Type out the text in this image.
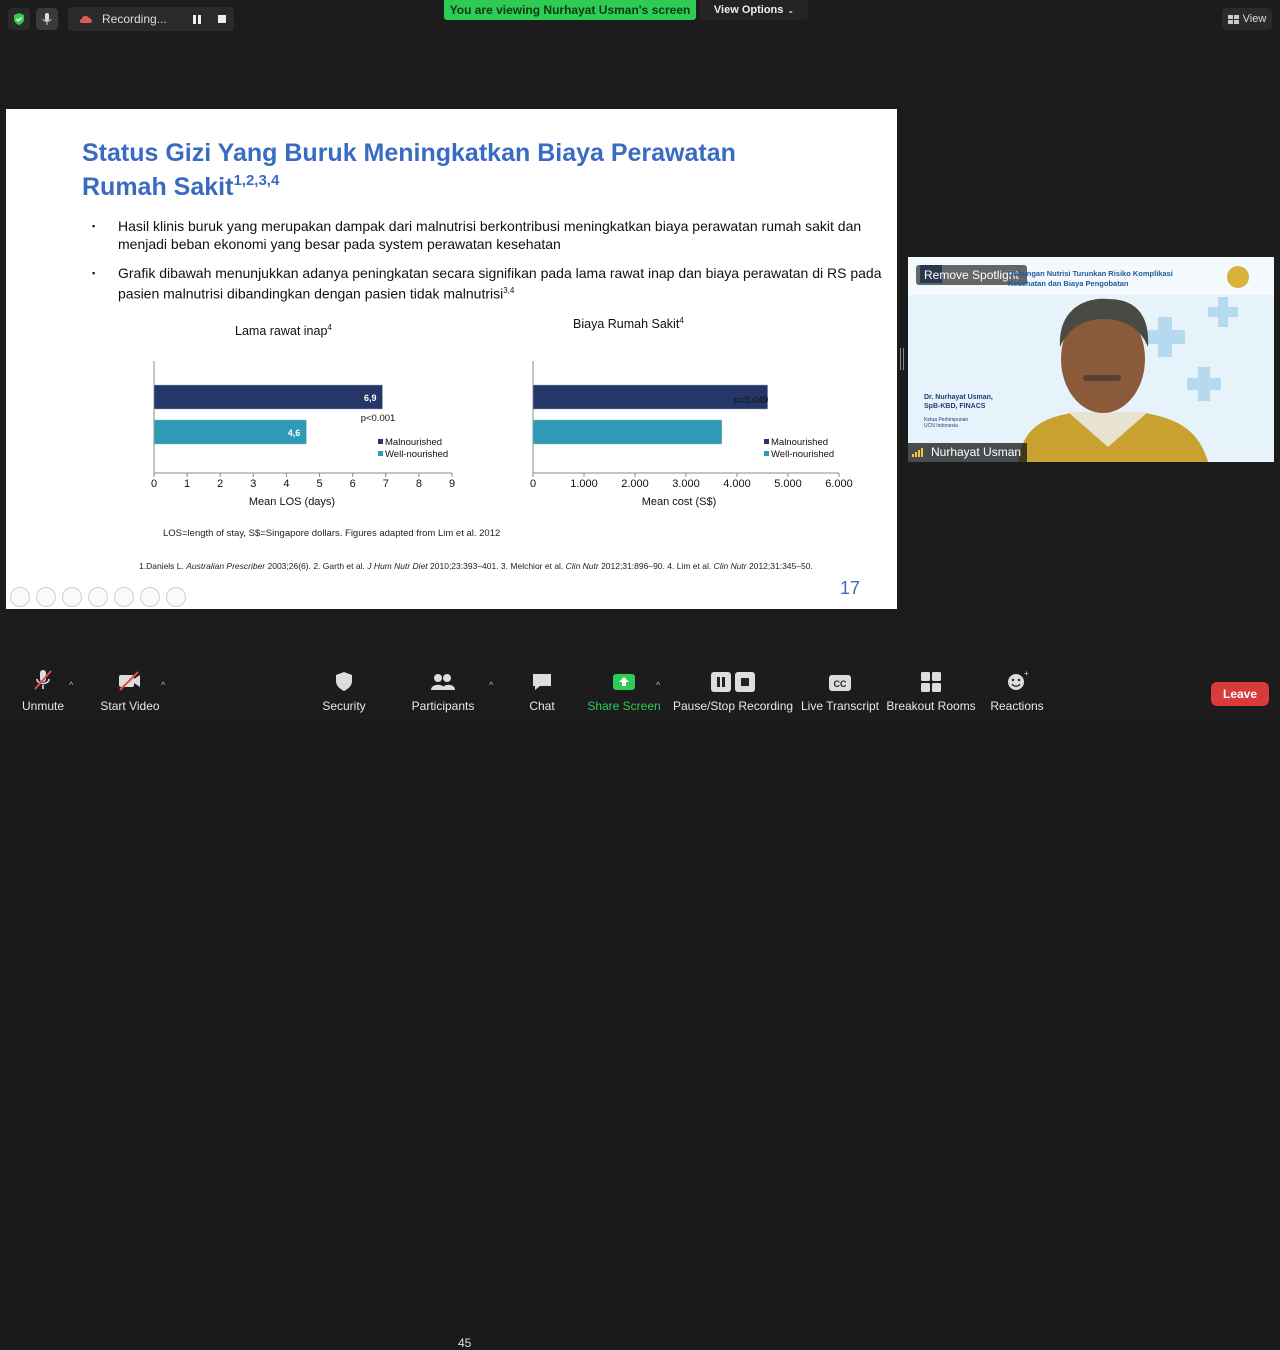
Recording...
You are viewing Nurhayat Usman's screen	View Options ⌄
View
Status Gizi Yang Buruk Meningkatkan Biaya Perawatan
Rumah Sakit$^{1,2,3,4}$
▪	Hasil klinis buruk yang merupakan dampak dari malnutrisi berkontribusi meningkatkan biaya perawatan rumah sakit dan menjadi beban ekonomi yang besar pada system perawatan kesehatan
▪	Grafik dibawah menunjukkan adanya peningkatan secara signifikan pada lama rawat inap dan biaya perawatan di RS pada pasien malnutrisi dibandingkan dengan pasien tidak malnutrisi$^{3,4}$
Lama rawat inap$^4$	Biaya Rumah Sakit$^4$
0 1 2 3 4 5 6 7 8 9
6,9
Malnourished
4,6
Well-nourished
p<0.001
Mean LOS (days)
0	1.000 2.000 3.000 4.000 5.000 6.000
Malnourished
Well-nourished
p=0.049
Mean cost (S$)
LOS=length of stay, S$=Singapore dollars. Figures adapted from Lim et al. 2012
1.Daniels L. Australian Prescriber 2003;26(6). 2. Garth et al. J Hum Nutr Diet 2010;23:393–401. 3. Melchior et al. Clin Nutr 2012;31:896–90. 4. Lim et al. Clin Nutr 2012;31:345–50.
17
Remove Spotlight
Dukungan Nutrisi Turunkan Risiko Komplikasi Kesehatan dan Biaya Pengobatan
Dr. Nurhayat Usman,
SpB-KBD, FINACS
Ketua Perhimpunan
UCN Indonesia
Nurhayat Usman
Unmute
^
Start Video
^
Security	Participants
45
^
Chat	Share Screen
^
Pause/Stop Recording
CC
Live Transcript Breakout Rooms
+
Reactions
Leave
